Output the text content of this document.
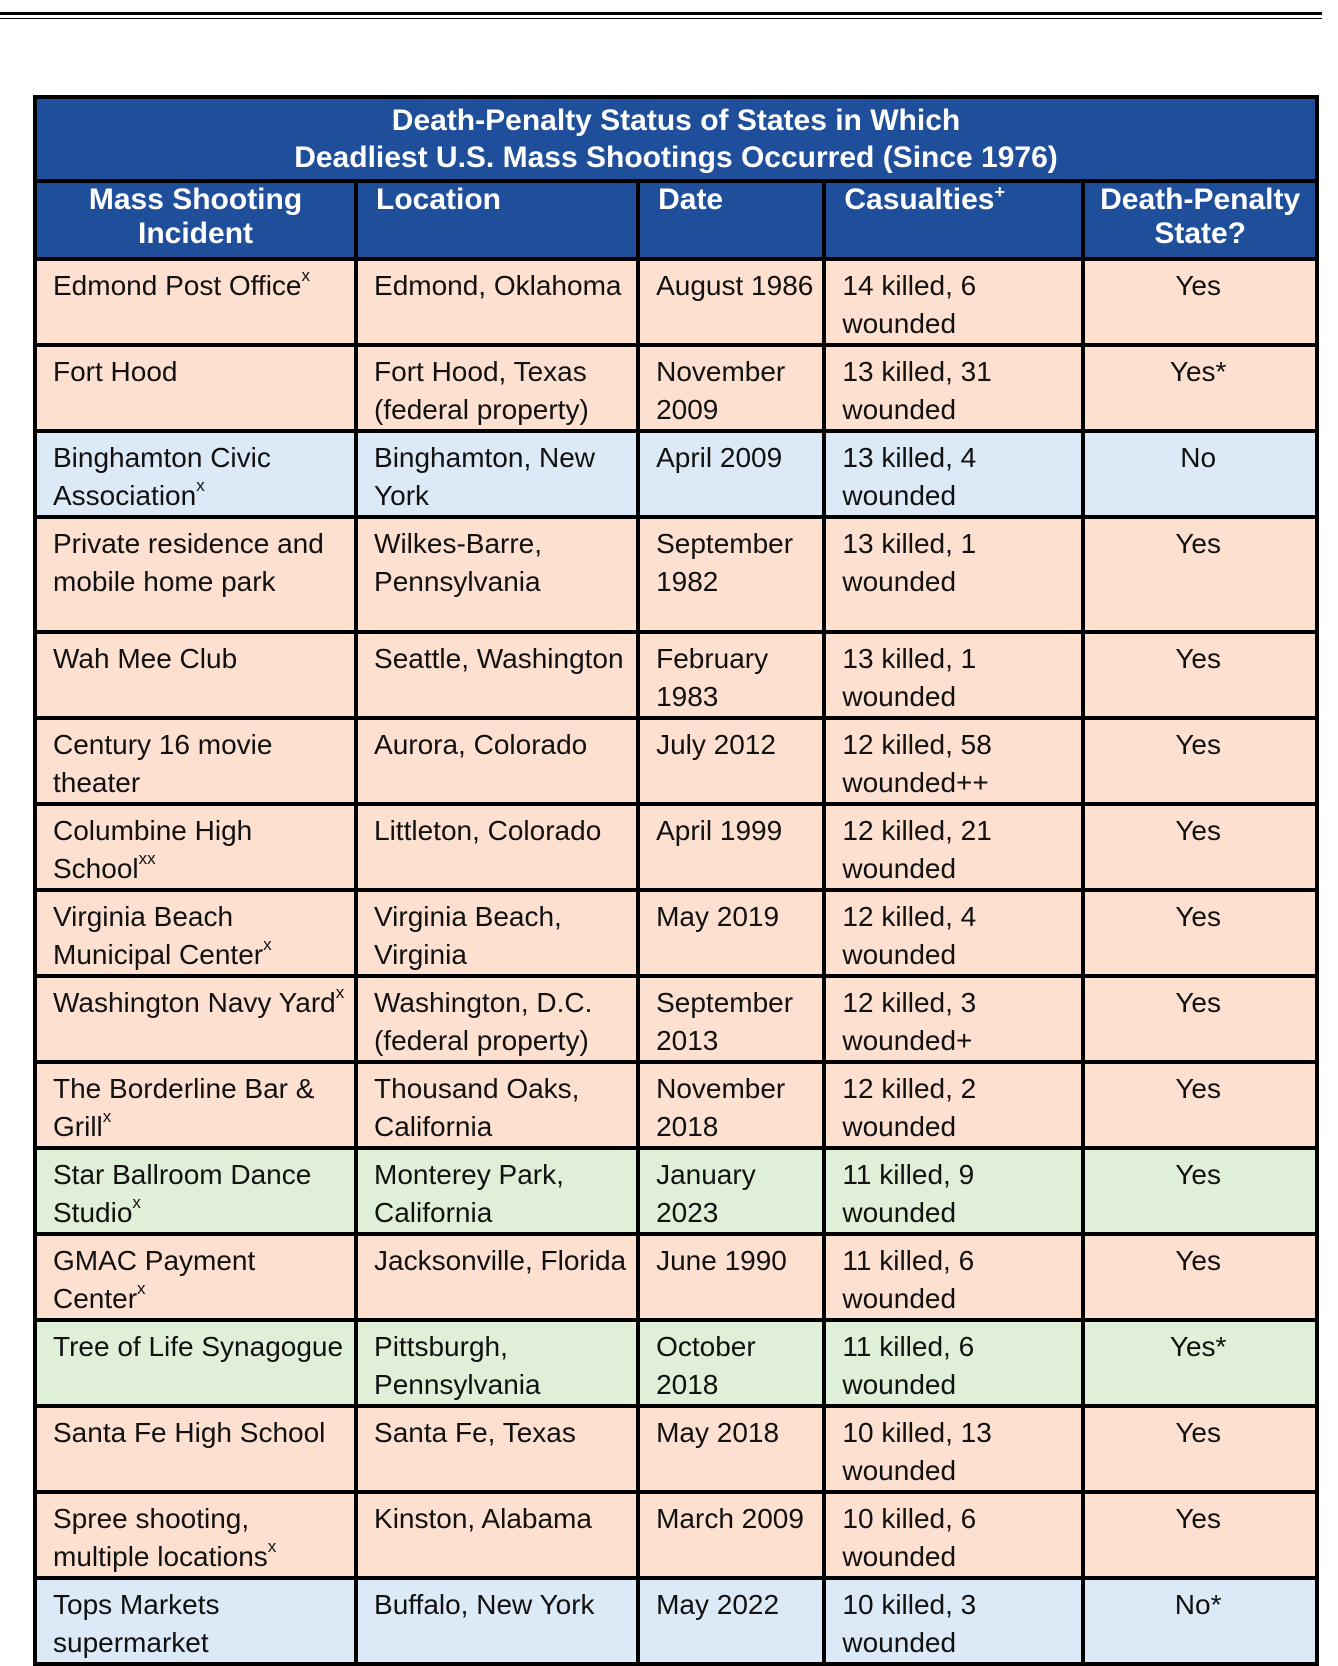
Death-Penalty Status of States in Which
Deadliest U.S. Mass Shootings Occurred (Since 1976)				

Mass Shooting Incident	Location	Date	Casualties+	Death-Penalty State?
Edmond Post Office$^x$	Edmond, Oklahoma	August 1986	14 killed, 6 wounded	Yes
Fort Hood	Fort Hood, Texas (federal property)	November 2009	13 killed, 31 wounded	Yes*
Binghamton Civic Association$^x$	Binghamton, New York	April 2009	13 killed, 4 wounded	No
Private residence and mobile home park	Wilkes-Barre, Pennsylvania	September 1982	13 killed, 1 wounded	Yes
Wah Mee Club	Seattle, Washington	February 1983	13 killed, 1 wounded	Yes
Century 16 movie theater	Aurora, Colorado	July 2012	12 killed, 58 wounded++	Yes
Columbine High School$^{xx}$	Littleton, Colorado	April 1999	12 killed, 21 wounded	Yes
Virginia Beach Municipal Center$^x$	Virginia Beach, Virginia	May 2019	12 killed, 4 wounded	Yes
Washington Navy Yard$^x$	Washington, D.C. (federal property)	September 2013	12 killed, 3 wounded+	Yes
The Borderline Bar & Grill$^x$	Thousand Oaks, California	November 2018	12 killed, 2 wounded	Yes
Star Ballroom Dance Studio$^x$	Monterey Park, California	January 2023	11 killed, 9 wounded	Yes
GMAC Payment Center$^x$	Jacksonville, Florida	June 1990	11 killed, 6 wounded	Yes
Tree of Life Synagogue	Pittsburgh, Pennsylvania	October 2018	11 killed, 6 wounded	Yes*
Santa Fe High School	Santa Fe, Texas	May 2018	10 killed, 13 wounded	Yes
Spree shooting, multiple locations$^x$	Kinston, Alabama	March 2009	10 killed, 6 wounded	Yes
Tops Markets supermarket	Buffalo, New York	May 2022	10 killed, 3 wounded	No*
